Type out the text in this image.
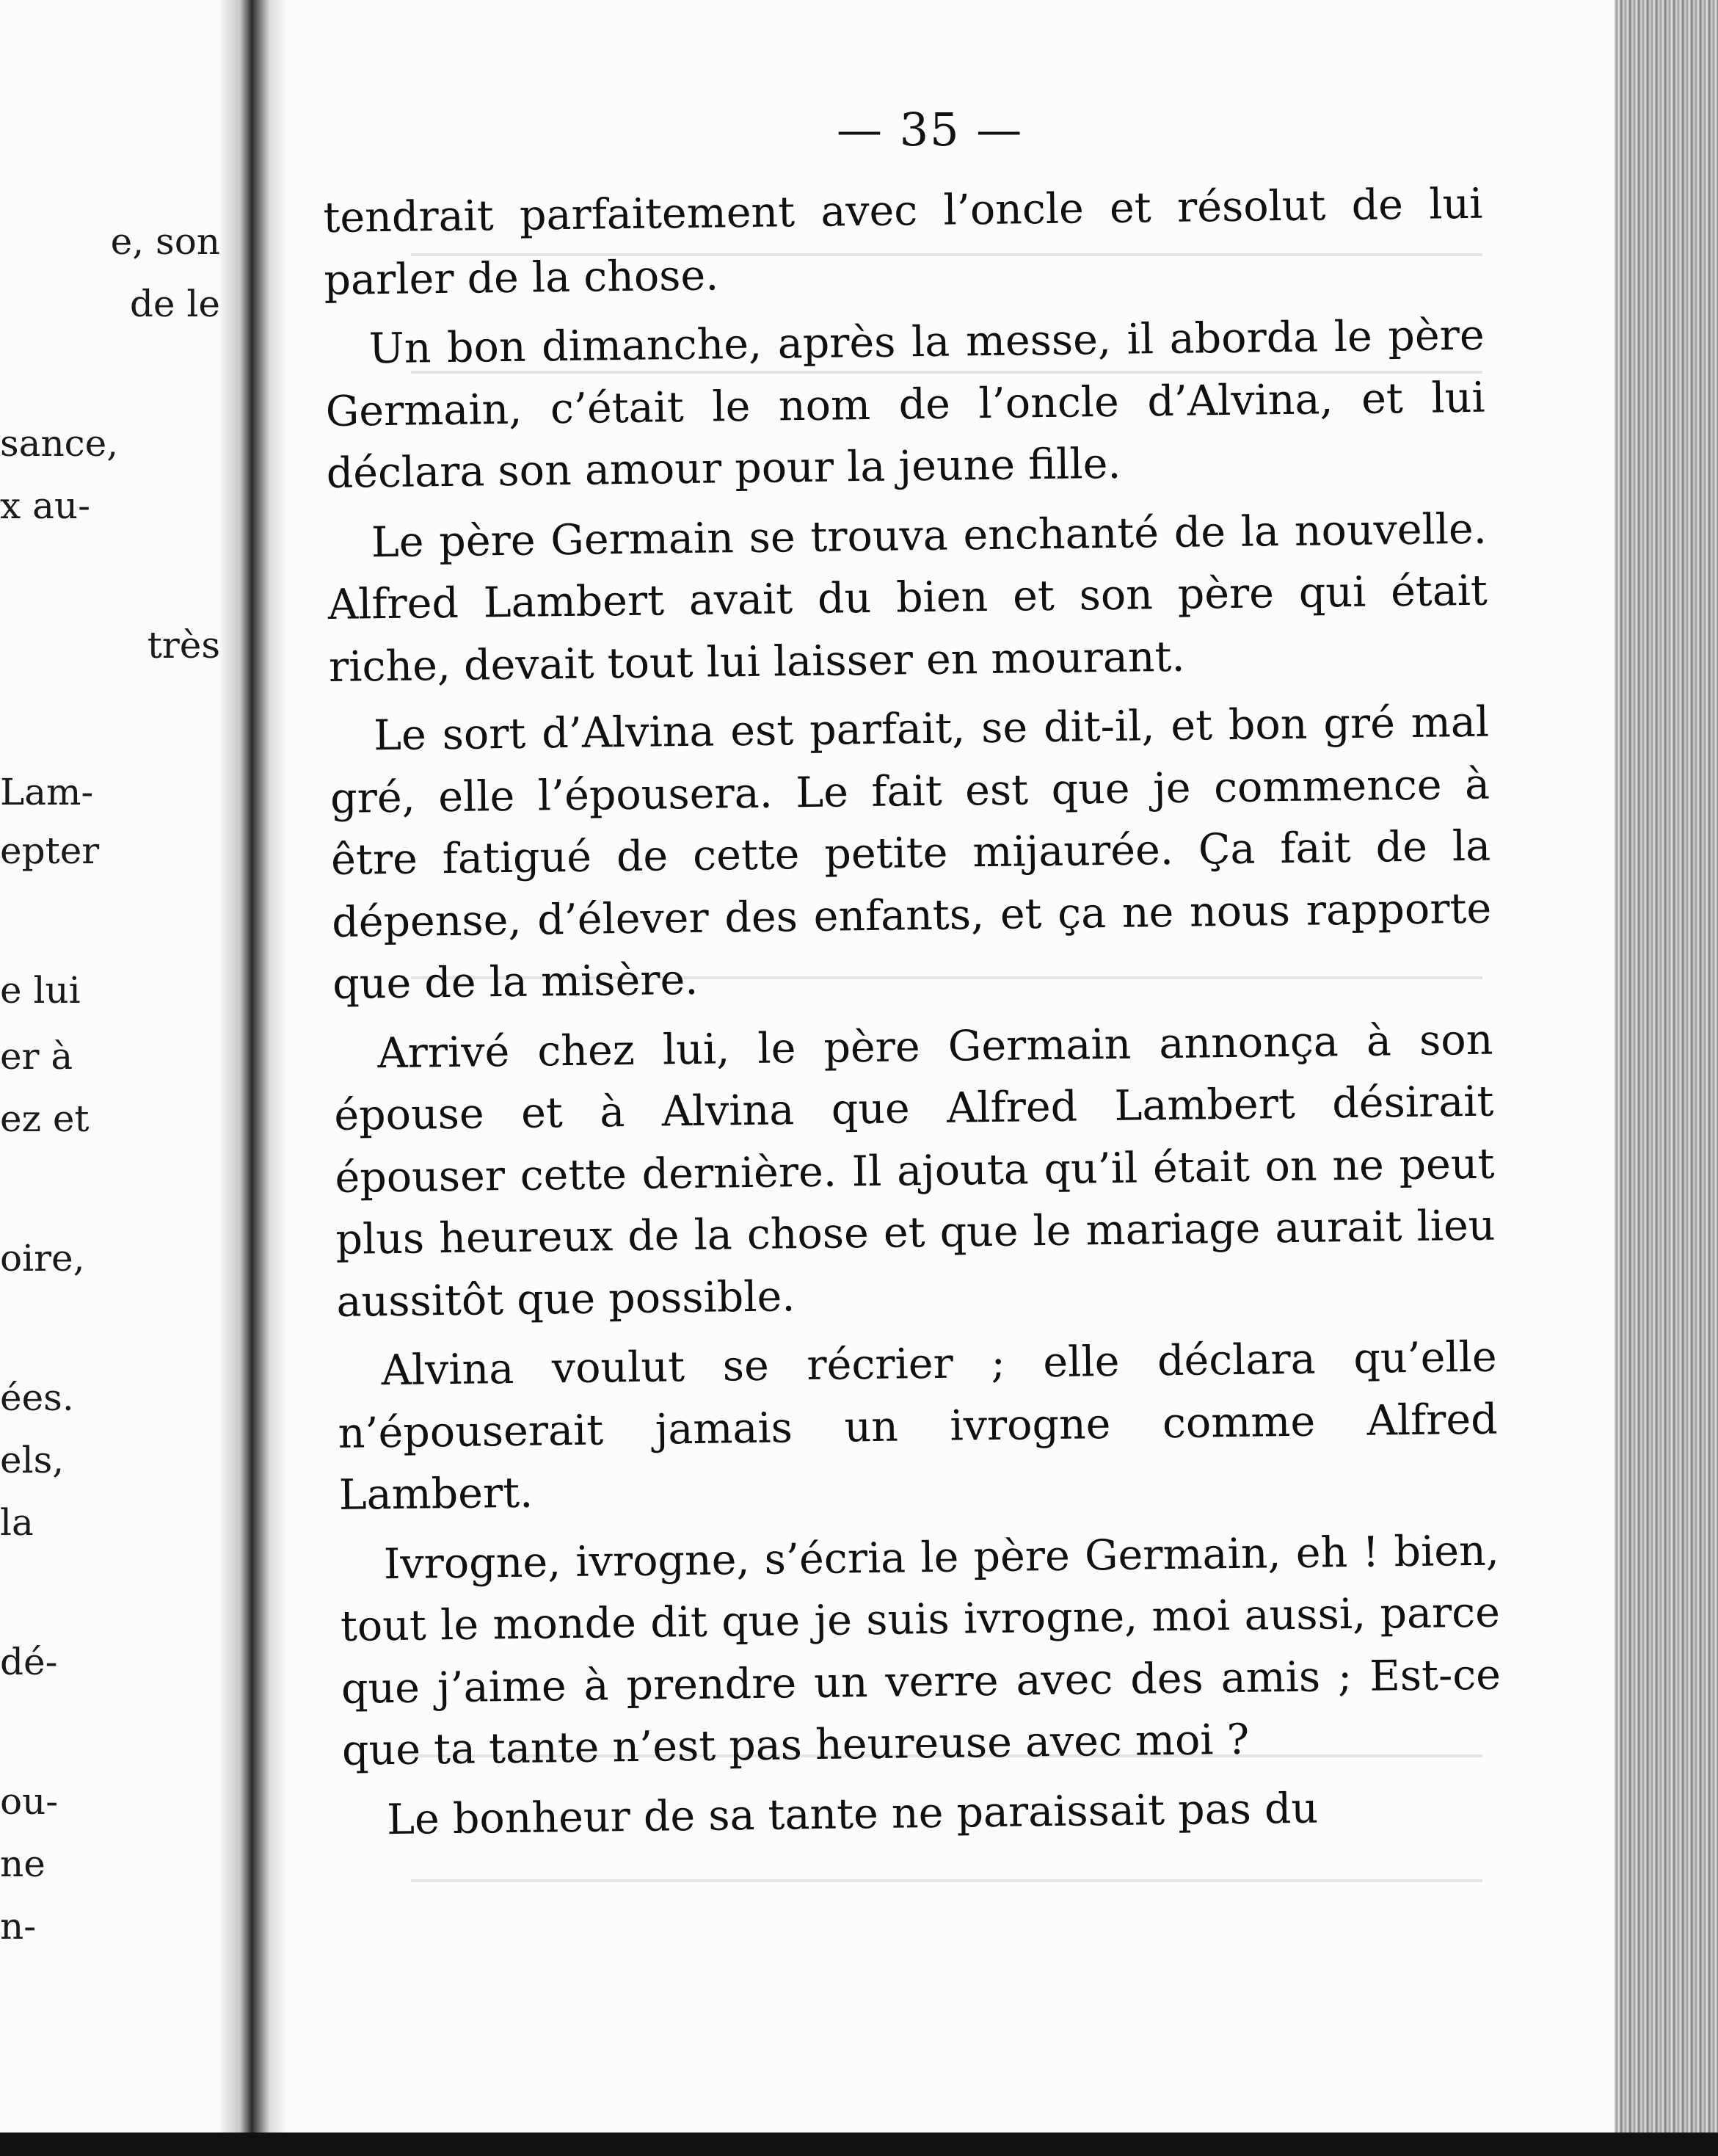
e, son
de le
sance,
x au-
très
Lam-
epter
e lui
er à
ez et
oire,
ées.
els,
la
dé-
ou-
ne
n-
— 35 —

tendrait parfaitement avec l’oncle et résolut de lui parler de la chose.

Un bon dimanche, après la messe, il aborda le père Germain, c’était le nom de l’oncle d’Alvina, et lui déclara son amour pour la jeune fille.

Le père Germain se trouva enchanté de la nouvelle. Alfred Lambert avait du bien et son père qui était riche, devait tout lui laisser en mourant.

Le sort d’Alvina est parfait, se dit-il, et bon gré mal gré, elle l’épousera. Le fait est que je commence à être fatigué de cette petite mijaurée. Ça fait de la dépense, d’élever des enfants, et ça ne nous rapporte que de la misère.

Arrivé chez lui, le père Germain annonça à son épouse et à Alvina que Alfred Lambert désirait épouser cette dernière. Il ajouta qu’il était on ne peut plus heureux de la chose et que le mariage aurait lieu aussitôt que possible.

Alvina voulut se récrier ; elle déclara qu’elle n’épouserait jamais un ivrogne comme Alfred Lambert.

Ivrogne, ivrogne, s’écria le père Germain, eh ! bien, tout le monde dit que je suis ivrogne, moi aussi, parce que j’aime à prendre un verre avec des amis ; Est-ce que ta tante n’est pas heureuse avec moi ?

Le bonheur de sa tante ne paraissait pas du
